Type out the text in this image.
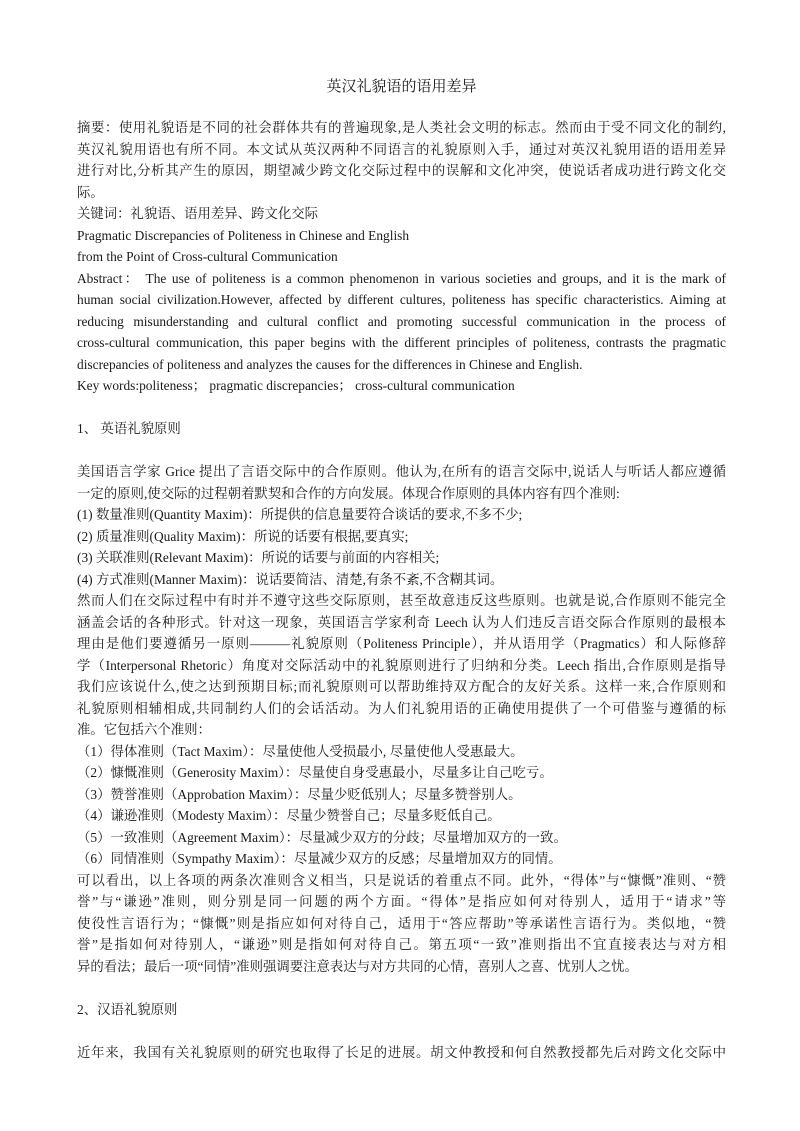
英汉礼貌语的语用差异
摘要：使用礼貌语是不同的社会群体共有的普遍现象,是人类社会文明的标志。然而由于受不同文化的制约,
英汉礼貌用语也有所不同。本文试从英汉两种不同语言的礼貌原则入手，通过对英汉礼貌用语的语用差异
进行对比,分析其产生的原因，期望减少跨文化交际过程中的误解和文化冲突，使说话者成功进行跨文化交
际。
关键词：礼貌语、语用差异、跨文化交际
Pragmatic Discrepancies of Politeness in Chinese and English
from the Point of Cross-cultural Communication
Abstract： The use of politeness is a common phenomenon in various societies and groups, and it is the mark of
human social civilization.However, affected by different cultures, politeness has specific characteristics. Aiming at
reducing misunderstanding and cultural conflict and promoting successful communication in the process of
cross-cultural communication, this paper begins with the different principles of politeness, contrasts the pragmatic
discrepancies of politeness and analyzes the causes for the differences in Chinese and English.
Key words:politeness； pragmatic discrepancies； cross-cultural communication
1、 英语礼貌原则
美国语言学家 Grice 提出了言语交际中的合作原则。他认为,在所有的语言交际中,说话人与听话人都应遵循
一定的原则,使交际的过程朝着默契和合作的方向发展。体现合作原则的具体内容有四个准则:
(1) 数量准则(Quantity Maxim)：所提供的信息量要符合谈话的要求,不多不少;
(2) 质量准则(Quality Maxim)：所说的话要有根据,要真实;
(3) 关联准则(Relevant Maxim)：所说的话要与前面的内容相关;
(4) 方式准则(Manner Maxim)：说话要简洁、清楚,有条不紊,不含糊其词。
然而人们在交际过程中有时并不遵守这些交际原则，甚至故意违反这些原则。也就是说,合作原则不能完全
涵盖会话的各种形式。针对这一现象，英国语言学家利奇 Leech 认为人们违反言语交际合作原则的最根本
理由是他们要遵循另一原则———礼貌原则（Politeness Principle），并从语用学（Pragmatics）和人际修辞
学（Interpersonal Rhetoric）角度对交际活动中的礼貌原则进行了归纳和分类。Leech 指出,合作原则是指导
我们应该说什么,使之达到预期目标;而礼貌原则可以帮助维持双方配合的友好关系。这样一来,合作原则和
礼貌原则相辅相成,共同制约人们的会话活动。为人们礼貌用语的正确使用提供了一个可借鉴与遵循的标
准。它包括六个准则：
（1）得体准则（Tact Maxim）：尽量使他人受损最小, 尽量使他人受惠最大。
（2）慷慨准则（Generosity Maxim）：尽量使自身受惠最小，尽量多让自己吃亏。
（3）赞誉准则（Approbation Maxim）：尽量少贬低别人；尽量多赞誉别人。
（4）谦逊准则（Modesty Maxim）：尽量少赞誉自己；尽量多贬低自己。
（5）一致准则（Agreement Maxim）：尽量减少双方的分歧；尽量增加双方的一致。
（6）同情准则（Sympathy Maxim）：尽量减少双方的反感；尽量增加双方的同情。
可以看出，以上各项的两条次准则含义相当，只是说话的着重点不同。此外，“得体”与“慷慨”准则、“赞
誉”与“谦逊”准则，则分别是同一问题的两个方面。“得体”是指应如何对待别人，适用于“请求”等
使役性言语行为；“慷慨”则是指应如何对待自己，适用于“答应帮助”等承诺性言语行为。类似地，“赞
誉”是指如何对待别人，“谦逊”则是指如何对待自己。第五项“一致”准则指出不宜直接表达与对方相
异的看法；最后一项“同情”准则强调要注意表达与对方共同的心情，喜别人之喜、忧别人之忧。
2、汉语礼貌原则
近年来，我国有关礼貌原则的研究也取得了长足的进展。胡文仲教授和何自然教授都先后对跨文化交际中
